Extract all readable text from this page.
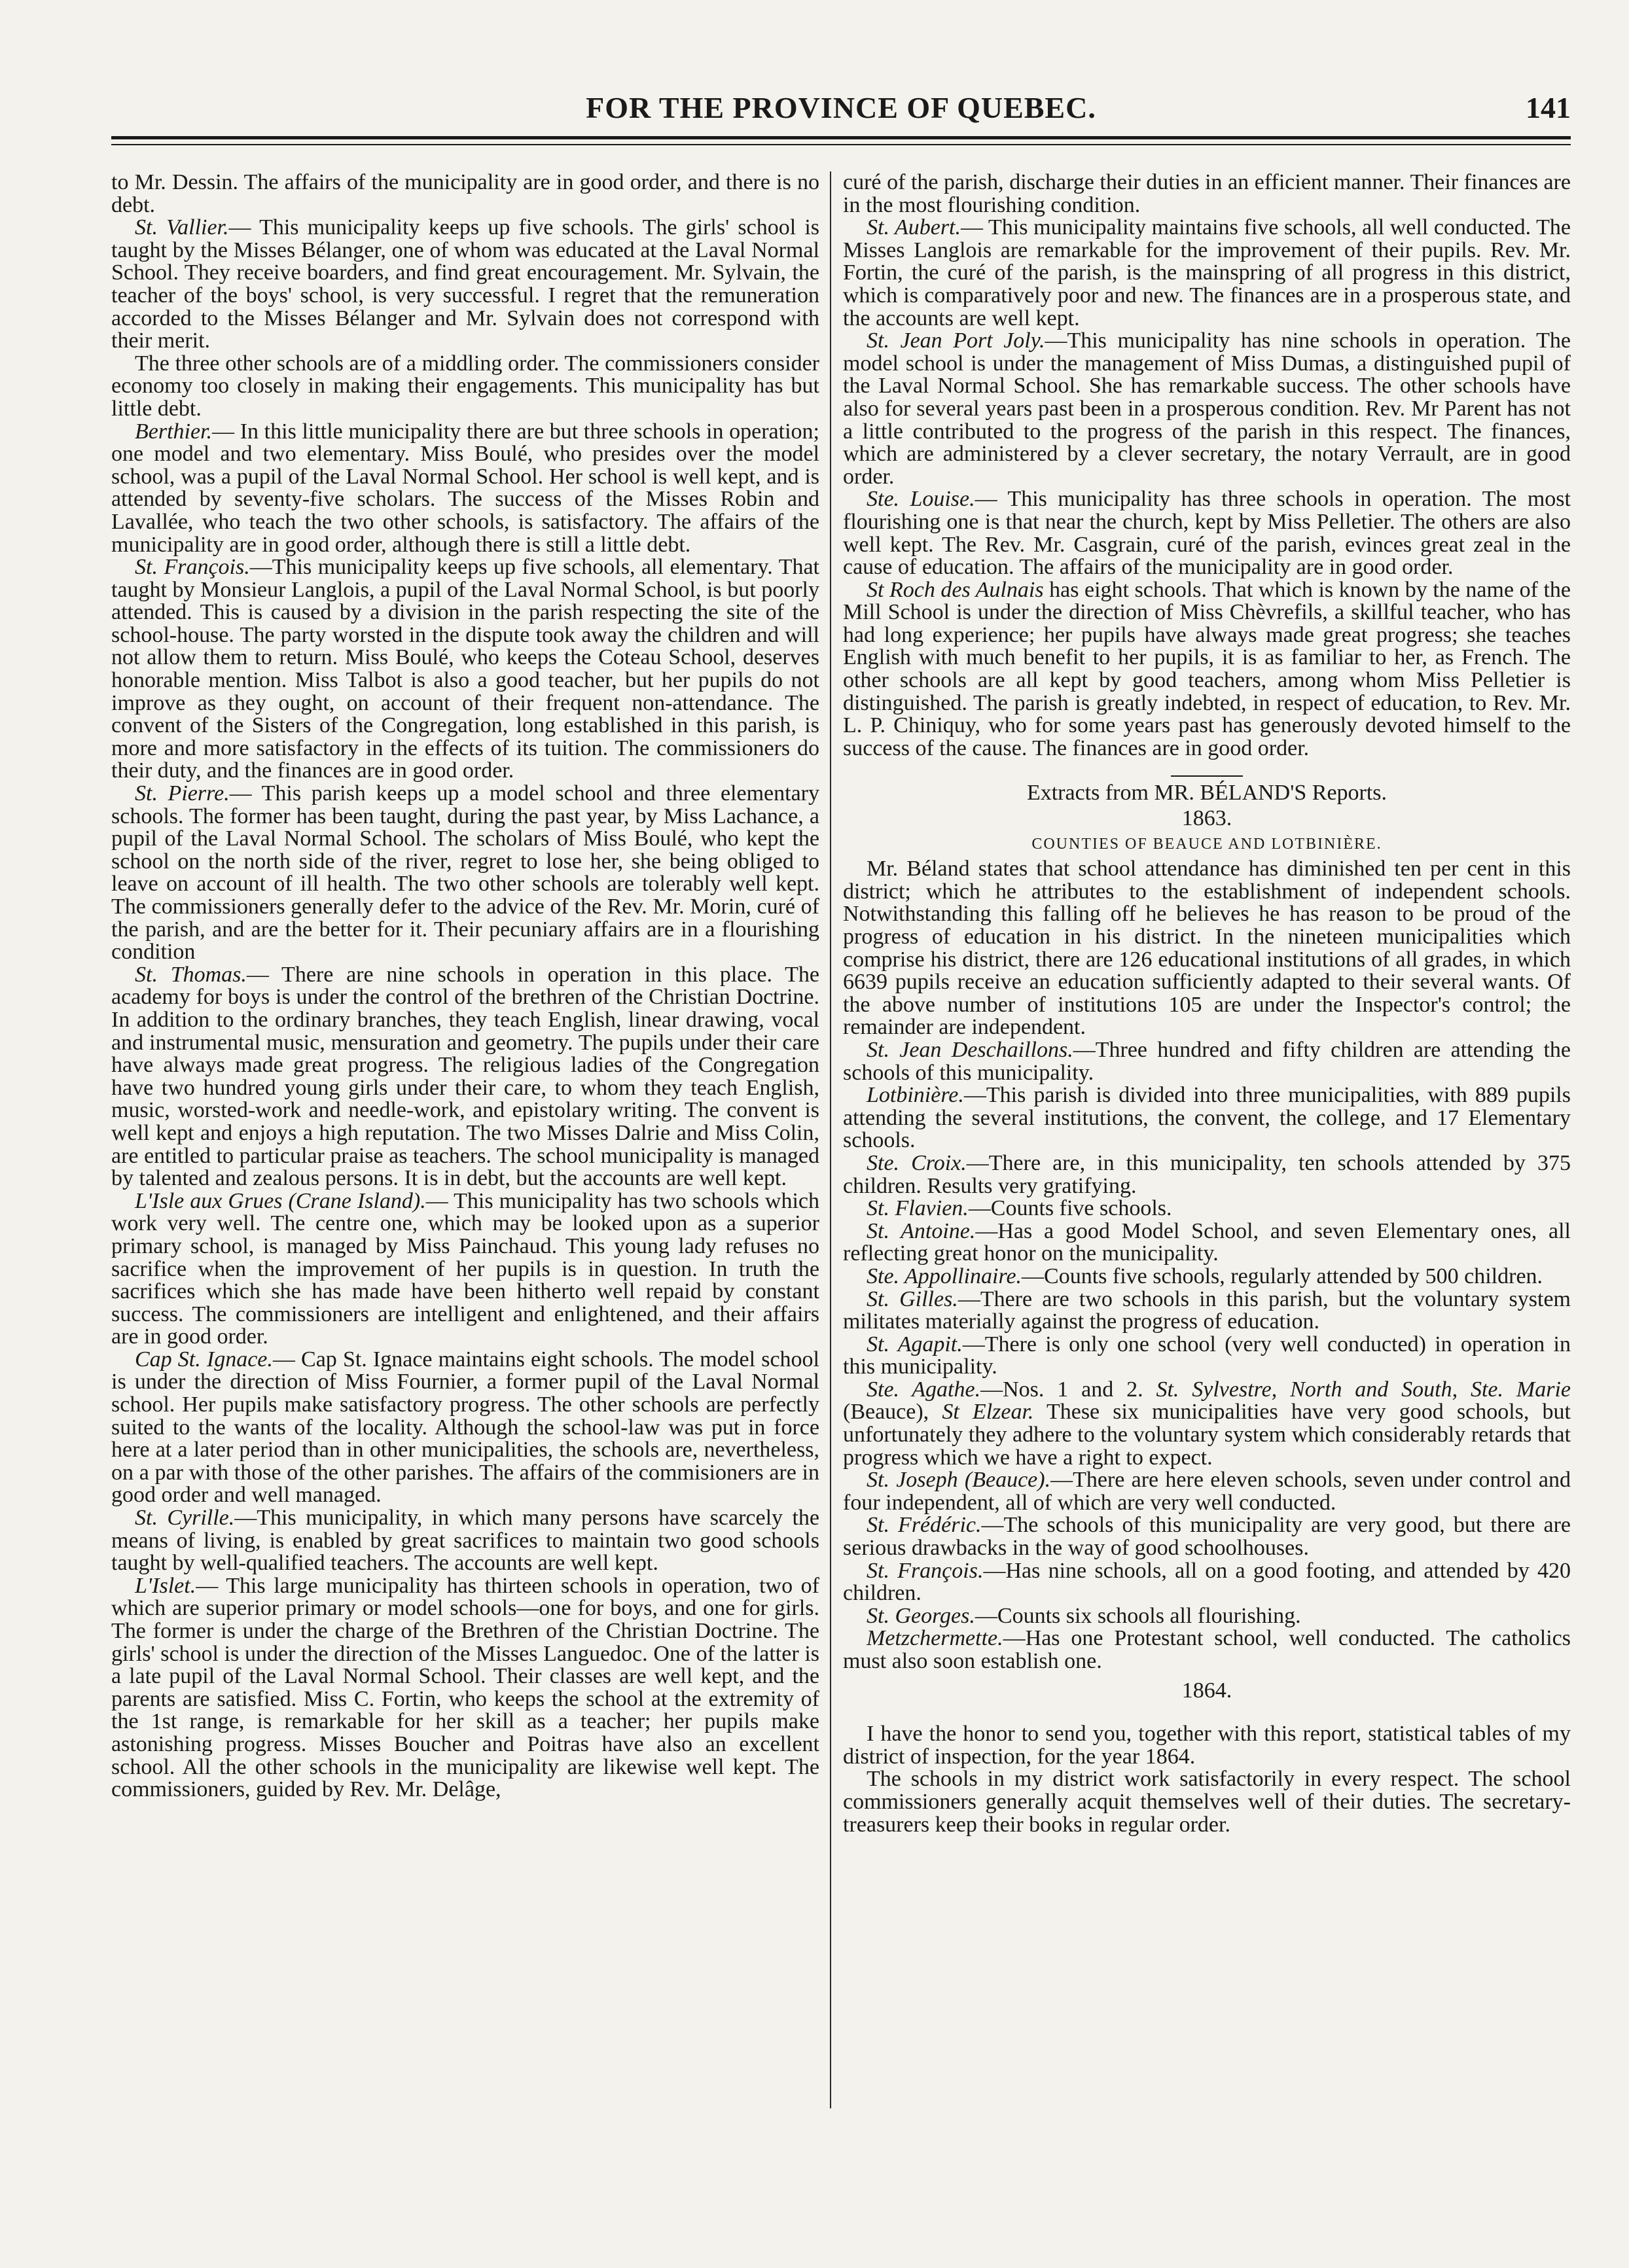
FOR THE PROVINCE OF QUEBEC.	141

to Mr. Dessin. The affairs of the municipality are in good order, and there is no debt.

St. Vallier.— This municipality keeps up five schools. The girls' school is taught by the Misses Bélanger, one of whom was educated at the Laval Normal School. They receive boarders, and find great encouragement. Mr. Sylvain, the teacher of the boys' school, is very successful. I regret that the remuneration accorded to the Misses Bélanger and Mr. Sylvain does not correspond with their merit.

The three other schools are of a middling order. The commissioners consider economy too closely in making their engagements. This municipality has but little debt.

Berthier.— In this little municipality there are but three schools in operation; one model and two elementary. Miss Boulé, who presides over the model school, was a pupil of the Laval Normal School. Her school is well kept, and is attended by seventy-five scholars. The success of the Misses Robin and Lavallée, who teach the two other schools, is satisfactory. The affairs of the municipality are in good order, although there is still a little debt.

St. François.—This municipality keeps up five schools, all elementary. That taught by Monsieur Langlois, a pupil of the Laval Normal School, is but poorly attended. This is caused by a division in the parish respecting the site of the school-house. The party worsted in the dispute took away the children and will not allow them to return. Miss Boulé, who keeps the Coteau School, deserves honorable mention. Miss Talbot is also a good teacher, but her pupils do not improve as they ought, on account of their frequent non-attendance. The convent of the Sisters of the Congregation, long established in this parish, is more and more satisfactory in the effects of its tuition. The commissioners do their duty, and the finances are in good order.

St. Pierre.— This parish keeps up a model school and three elementary schools. The former has been taught, during the past year, by Miss Lachance, a pupil of the Laval Normal School. The scholars of Miss Boulé, who kept the school on the north side of the river, regret to lose her, she being obliged to leave on account of ill health. The two other schools are tolerably well kept. The commissioners generally defer to the advice of the Rev. Mr. Morin, curé of the parish, and are the better for it. Their pecuniary affairs are in a flourishing condition

St. Thomas.— There are nine schools in operation in this place. The academy for boys is under the control of the brethren of the Christian Doctrine. In addition to the ordinary branches, they teach English, linear drawing, vocal and instrumental music, mensuration and geometry. The pupils under their care have always made great progress. The religious ladies of the Congregation have two hundred young girls under their care, to whom they teach English, music, worsted-work and needle-work, and epistolary writing. The convent is well kept and enjoys a high reputation. The two Misses Dalrie and Miss Colin, are entitled to particular praise as teachers. The school municipality is managed by talented and zealous persons. It is in debt, but the accounts are well kept.

L'Isle aux Grues (Crane Island).— This municipality has two schools which work very well. The centre one, which may be looked upon as a superior primary school, is managed by Miss Painchaud. This young lady refuses no sacrifice when the improvement of her pupils is in question. In truth the sacrifices which she has made have been hitherto well repaid by constant success. The commissioners are intelligent and enlightened, and their affairs are in good order.

Cap St. Ignace.— Cap St. Ignace maintains eight schools. The model school is under the direction of Miss Fournier, a former pupil of the Laval Normal school. Her pupils make satisfactory progress. The other schools are perfectly suited to the wants of the locality. Although the school-law was put in force here at a later period than in other municipalities, the schools are, nevertheless, on a par with those of the other parishes. The affairs of the commisioners are in good order and well managed.

St. Cyrille.—This municipality, in which many persons have scarcely the means of living, is enabled by great sacrifices to maintain two good schools taught by well-qualified teachers. The accounts are well kept.

L'Islet.— This large municipality has thirteen schools in operation, two of which are superior primary or model schools—one for boys, and one for girls. The former is under the charge of the Brethren of the Christian Doctrine. The girls' school is under the direction of the Misses Languedoc. One of the latter is a late pupil of the Laval Normal School. Their classes are well kept, and the parents are satisfied. Miss C. Fortin, who keeps the school at the extremity of the 1st range, is remarkable for her skill as a teacher; her pupils make astonishing progress. Misses Boucher and Poitras have also an excellent school. All the other schools in the municipality are likewise well kept. The commissioners, guided by Rev. Mr. Delâge,

curé of the parish, discharge their duties in an efficient manner. Their finances are in the most flourishing condition.

St. Aubert.— This municipality maintains five schools, all well conducted. The Misses Langlois are remarkable for the improvement of their pupils. Rev. Mr. Fortin, the curé of the parish, is the mainspring of all progress in this district, which is comparatively poor and new. The finances are in a prosperous state, and the accounts are well kept.

St. Jean Port Joly.—This municipality has nine schools in operation. The model school is under the management of Miss Dumas, a distinguished pupil of the Laval Normal School. She has remarkable success. The other schools have also for several years past been in a prosperous condition. Rev. Mr Parent has not a little contributed to the progress of the parish in this respect. The finances, which are administered by a clever secretary, the notary Verrault, are in good order.

Ste. Louise.— This municipality has three schools in operation. The most flourishing one is that near the church, kept by Miss Pelletier. The others are also well kept. The Rev. Mr. Casgrain, curé of the parish, evinces great zeal in the cause of education. The affairs of the municipality are in good order.

St Roch des Aulnais has eight schools. That which is known by the name of the Mill School is under the direction of Miss Chèvrefils, a skillful teacher, who has had long experience; her pupils have always made great progress; she teaches English with much benefit to her pupils, it is as familiar to her, as French. The other schools are all kept by good teachers, among whom Miss Pelletier is distinguished. The parish is greatly indebted, in respect of education, to Rev. Mr. L. P. Chiniquy, who for some years past has generously devoted himself to the success of the cause. The finances are in good order.

Extracts from MR. BÉLAND'S Reports.
1863.
COUNTIES OF BEAUCE AND LOTBINIÈRE.

Mr. Béland states that school attendance has diminished ten per cent in this district; which he attributes to the establishment of independent schools. Notwithstanding this falling off he believes he has reason to be proud of the progress of education in his district. In the nineteen municipalities which comprise his district, there are 126 educational institutions of all grades, in which 6639 pupils receive an education sufficiently adapted to their several wants. Of the above number of institutions 105 are under the Inspector's control; the remainder are independent.

St. Jean Deschaillons.—Three hundred and fifty children are attending the schools of this municipality.

Lotbinière.—This parish is divided into three municipalities, with 889 pupils attending the several institutions, the convent, the college, and 17 Elementary schools.

Ste. Croix.—There are, in this municipality, ten schools attended by 375 children. Results very gratifying.

St. Flavien.—Counts five schools.

St. Antoine.—Has a good Model School, and seven Elementary ones, all reflecting great honor on the municipality.

Ste. Appollinaire.—Counts five schools, regularly attended by 500 children.

St. Gilles.—There are two schools in this parish, but the voluntary system militates materially against the progress of education.

St. Agapit.—There is only one school (very well conducted) in operation in this municipality.

Ste. Agathe.—Nos. 1 and 2. St. Sylvestre, North and South, Ste. Marie (Beauce), St Elzear. These six municipalities have very good schools, but unfortunately they adhere to the voluntary system which considerably retards that progress which we have a right to expect.

St. Joseph (Beauce).—There are here eleven schools, seven under control and four independent, all of which are very well conducted.

St. Frédéric.—The schools of this municipality are very good, but there are serious drawbacks in the way of good schoolhouses.

St. François.—Has nine schools, all on a good footing, and attended by 420 children.

St. Georges.—Counts six schools all flourishing.

Metzchermette.—Has one Protestant school, well conducted. The catholics must also soon establish one.

1864.

I have the honor to send you, together with this report, statistical tables of my district of inspection, for the year 1864.

The schools in my district work satisfactorily in every respect. The school commissioners generally acquit themselves well of their duties. The secretary-treasurers keep their books in regular order.
